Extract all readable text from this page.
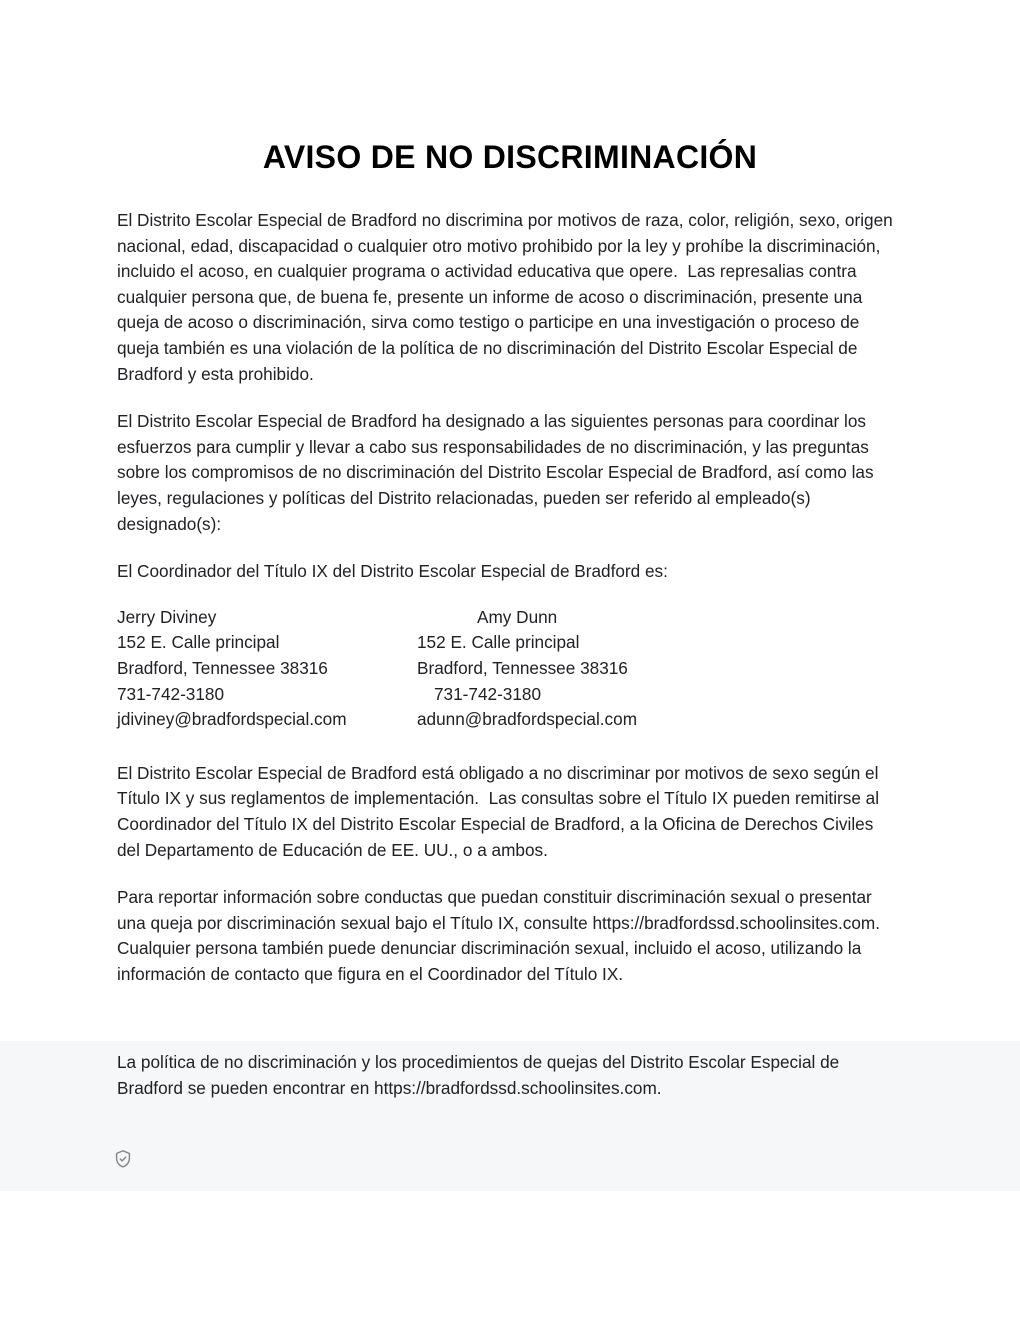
AVISO DE NO DISCRIMINACIÓN

El Distrito Escolar Especial de Bradford no discrimina por motivos de raza, color, religión, sexo, origen nacional, edad, discapacidad o cualquier otro motivo prohibido por la ley y prohíbe la discriminación, incluido el acoso, en cualquier programa o actividad educativa que opere.  Las represalias contra cualquier persona que, de buena fe, presente un informe de acoso o discriminación, presente una queja de acoso o discriminación, sirva como testigo o participe en una investigación o proceso de queja también es una violación de la política de no discriminación del Distrito Escolar Especial de Bradford y esta prohibido.

El Distrito Escolar Especial de Bradford ha designado a las siguientes personas para coordinar los esfuerzos para cumplir y llevar a cabo sus responsabilidades de no discriminación, y las preguntas sobre los compromisos de no discriminación del Distrito Escolar Especial de Bradford, así como las leyes, regulaciones y políticas del Distrito relacionadas, pueden ser referido al empleado(s) designado(s):

El Coordinador del Título IX del Distrito Escolar Especial de Bradford es:

Jerry Diviney
152 E. Calle principal
Bradford, Tennessee 38316
731-742-3180
jdiviney@bradfordspecial.com
Amy Dunn
152 E. Calle principal
Bradford, Tennessee 38316
731-742-3180
adunn@bradfordspecial.com

El Distrito Escolar Especial de Bradford está obligado a no discriminar por motivos de sexo según el Título IX y sus reglamentos de implementación.  Las consultas sobre el Título IX pueden remitirse al Coordinador del Título IX del Distrito Escolar Especial de Bradford, a la Oficina de Derechos Civiles del Departamento de Educación de EE. UU., o a ambos.

Para reportar información sobre conductas que puedan constituir discriminación sexual o presentar una queja por discriminación sexual bajo el Título IX, consulte https://bradfordssd.schoolinsites.com.  Cualquier persona también puede denunciar discriminación sexual, incluido el acoso, utilizando la información de contacto que figura en el Coordinador del Título IX.

La política de no discriminación y los procedimientos de quejas del Distrito Escolar Especial de Bradford se pueden encontrar en https://bradfordssd.schoolinsites.com.
